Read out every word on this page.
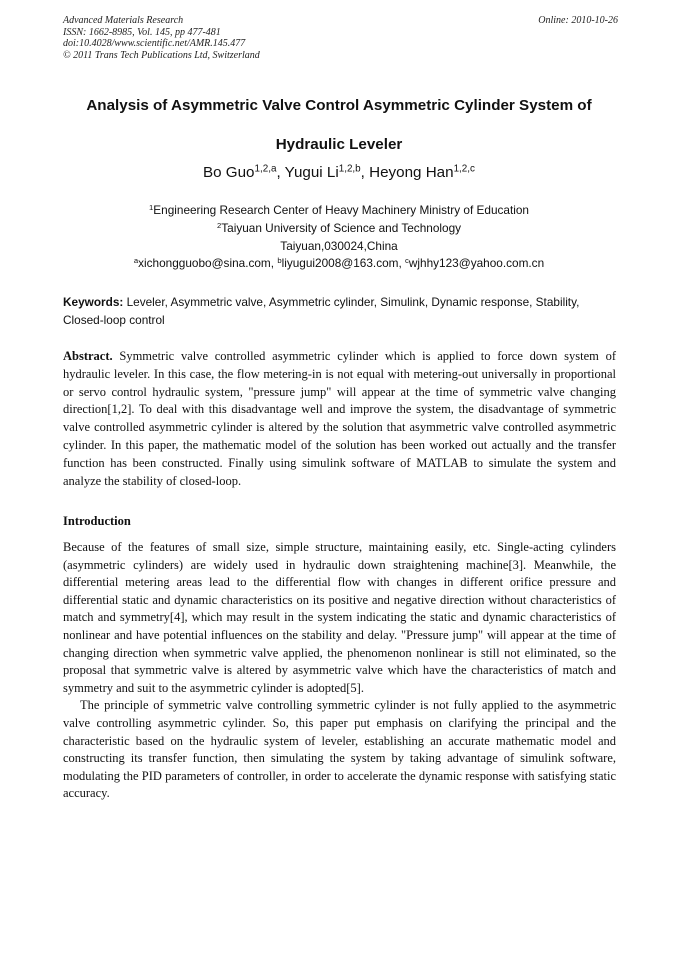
Advanced Materials Research
ISSN: 1662-8985, Vol. 145, pp 477-481
doi:10.4028/www.scientific.net/AMR.145.477
© 2011 Trans Tech Publications Ltd, Switzerland
Online: 2010-10-26
Analysis of Asymmetric Valve Control Asymmetric Cylinder System of
Hydraulic Leveler
Bo Guo$^{1,2,a}$, Yugui Li$^{1,2,b}$, Heyong Han$^{1,2,c}$
$^1$Engineering Research Center of Heavy Machinery Ministry of Education
$^2$Taiyuan University of Science and Technology
Taiyuan,030024,China
$^a$xichongguobo@sina.com, $^b$liyugui2008@163.com, $^c$wjhhy123@yahoo.com.cn
Keywords: Leveler, Asymmetric valve, Asymmetric cylinder, Simulink, Dynamic response, Stability, Closed-loop control
Abstract. Symmetric valve controlled asymmetric cylinder which is applied to force down system of hydraulic leveler. In this case, the flow metering-in is not equal with metering-out universally in proportional or servo control hydraulic system, "pressure jump" will appear at the time of symmetric valve changing direction[1,2]. To deal with this disadvantage well and improve the system, the disadvantage of symmetric valve controlled asymmetric cylinder is altered by the solution that asymmetric valve controlled asymmetric cylinder. In this paper, the mathematic model of the solution has been worked out actually and the transfer function has been constructed. Finally using simulink software of MATLAB to simulate the system and analyze the stability of closed-loop.
Introduction

Because of the features of small size, simple structure, maintaining easily, etc. Single-acting cylinders (asymmetric cylinders) are widely used in hydraulic down straightening machine[3]. Meanwhile, the differential metering areas lead to the differential flow with changes in different orifice pressure and differential static and dynamic characteristics on its positive and negative direction without characteristics of match and symmetry[4], which may result in the system indicating the static and dynamic characteristics of nonlinear and have potential influences on the stability and delay. "Pressure jump" will appear at the time of changing direction when symmetric valve applied, the phenomenon nonlinear is still not eliminated, so the proposal that symmetric valve is altered by asymmetric valve which have the characteristics of match and symmetry and suit to the asymmetric cylinder is adopted[5].

The principle of symmetric valve controlling symmetric cylinder is not fully applied to the asymmetric valve controlling asymmetric cylinder. So, this paper put emphasis on clarifying the principal and the characteristic based on the hydraulic system of leveler, establishing an accurate mathematic model and constructing its transfer function, then simulating the system by taking advantage of simulink software, modulating the PID parameters of controller, in order to accelerate the dynamic response with satisfying static accuracy.
